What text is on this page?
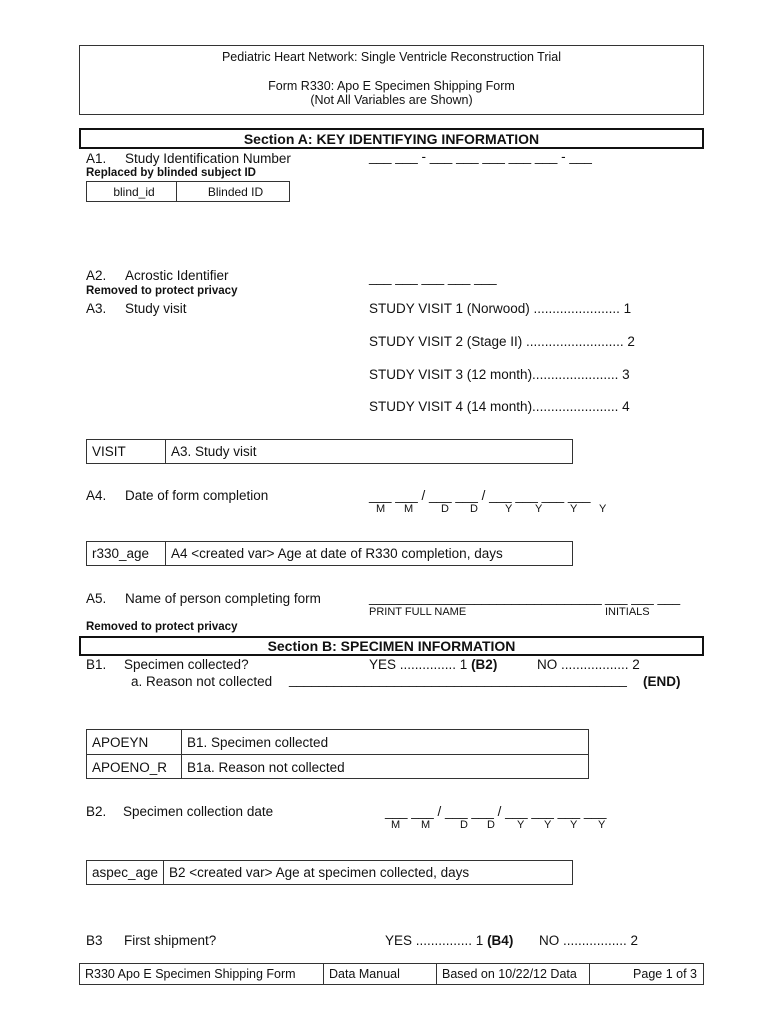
Pediatric Heart Network: Single Ventricle Reconstruction Trial
Form R330: Apo E Specimen Shipping Form
(Not All Variables are Shown)
Section A: KEY IDENTIFYING INFORMATION
A1. Study Identification Number	___ ___ - ___ ___ ___ ___ ___ - ___
Replaced by blinded subject ID
blind_id	Blinded ID
A2. Acrostic Identifier	___ ___ ___ ___ ___
Removed to protect privacy
A3. Study visit	STUDY VISIT 1 (Norwood) ....................... 1
STUDY VISIT 2 (Stage II) .......................... 2
STUDY VISIT 3 (12 month)....................... 3
STUDY VISIT 4 (14 month)....................... 4
VISIT	A3. Study visit
A4. Date of form completion	___ ___ / ___ ___ / ___ ___ ___ ___
M M	D D Y Y	Y Y
r330_age	A4 <created var> Age at date of R330 completion, days
A5. Name of person completing form	_______________________________ ___ ___ ___
PRINT FULL NAME	INITIALS
Removed to protect privacy
Section B: SPECIMEN INFORMATION
B1. Specimen collected?	YES ............... 1 (B2)	NO .................. 2
a. Reason not collected _____________________________________________ (END)
APOEYN	B1. Specimen collected
APOENO_R	B1a. Reason not collected
B2. Specimen collection date	___ ___ / ___ ___ / ___ ___ ___ ___
M M	D D Y Y Y Y
aspec_age B2 <created var> Age at specimen collected, days
B3 First shipment?	YES ............... 1 (B4) NO ................. 2
R330 Apo E Specimen Shipping Form	Data Manual	Based on 10/22/12 Data	Page 1 of 3
